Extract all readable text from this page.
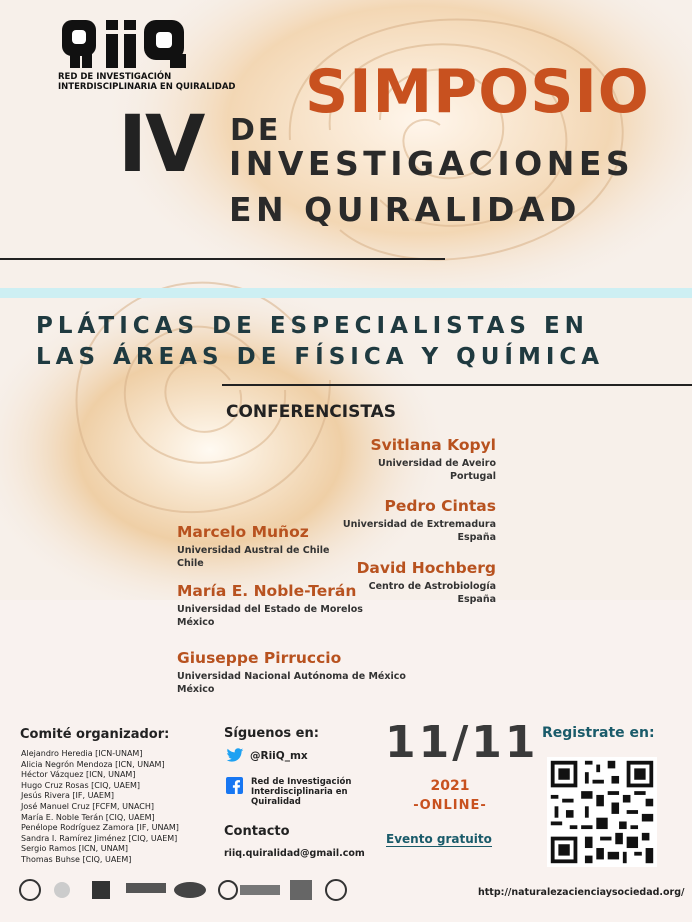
RED DE INVESTIGACIÓN
INTERDISCIPLINARIA EN QUIRALIDAD
IV
SIMPOSIO
DE
INVESTIGACIONES
EN QUIRALIDAD
PLÁTICAS DE ESPECIALISTAS EN
LAS ÁREAS DE FÍSICA Y QUÍMICA
CONFERENCISTAS
Svitlana Kopyl
Universidad de Aveiro
Portugal
Pedro Cintas
Universidad de Extremadura
España
David Hochberg
Centro de Astrobiología
España
Marcelo Muñoz
Universidad Austral de Chile
Chile
María E. Noble-Terán
Universidad del Estado de Morelos
México
Giuseppe Pirruccio
Universidad Nacional Autónoma de México
México
Comité organizador:
Alejandro Heredia [ICN-UNAM]
Alicia Negrón Mendoza [ICN, UNAM]
Héctor Vázquez [ICN, UNAM]
Hugo Cruz Rosas [CIQ, UAEM]
Jesús Rivera [IF, UAEM]
José Manuel Cruz [FCFM, UNACH]
María E. Noble Terán [CIQ, UAEM]
Penélope Rodríguez Zamora [IF, UNAM]
Sandra I. Ramírez Jiménez [CIQ, UAEM]
Sergio Ramos [ICN, UNAM]
Thomas Buhse [CIQ, UAEM]
Síguenos en:
@RiiQ_mx
Red de Investigación
Interdisciplinaria en
Quiralidad
Contacto
riiq.quiralidad@gmail.com
11/11
2021
-ONLINE-
Evento gratuito
Registrate en:
http://naturalezacienciaysociedad.org/
